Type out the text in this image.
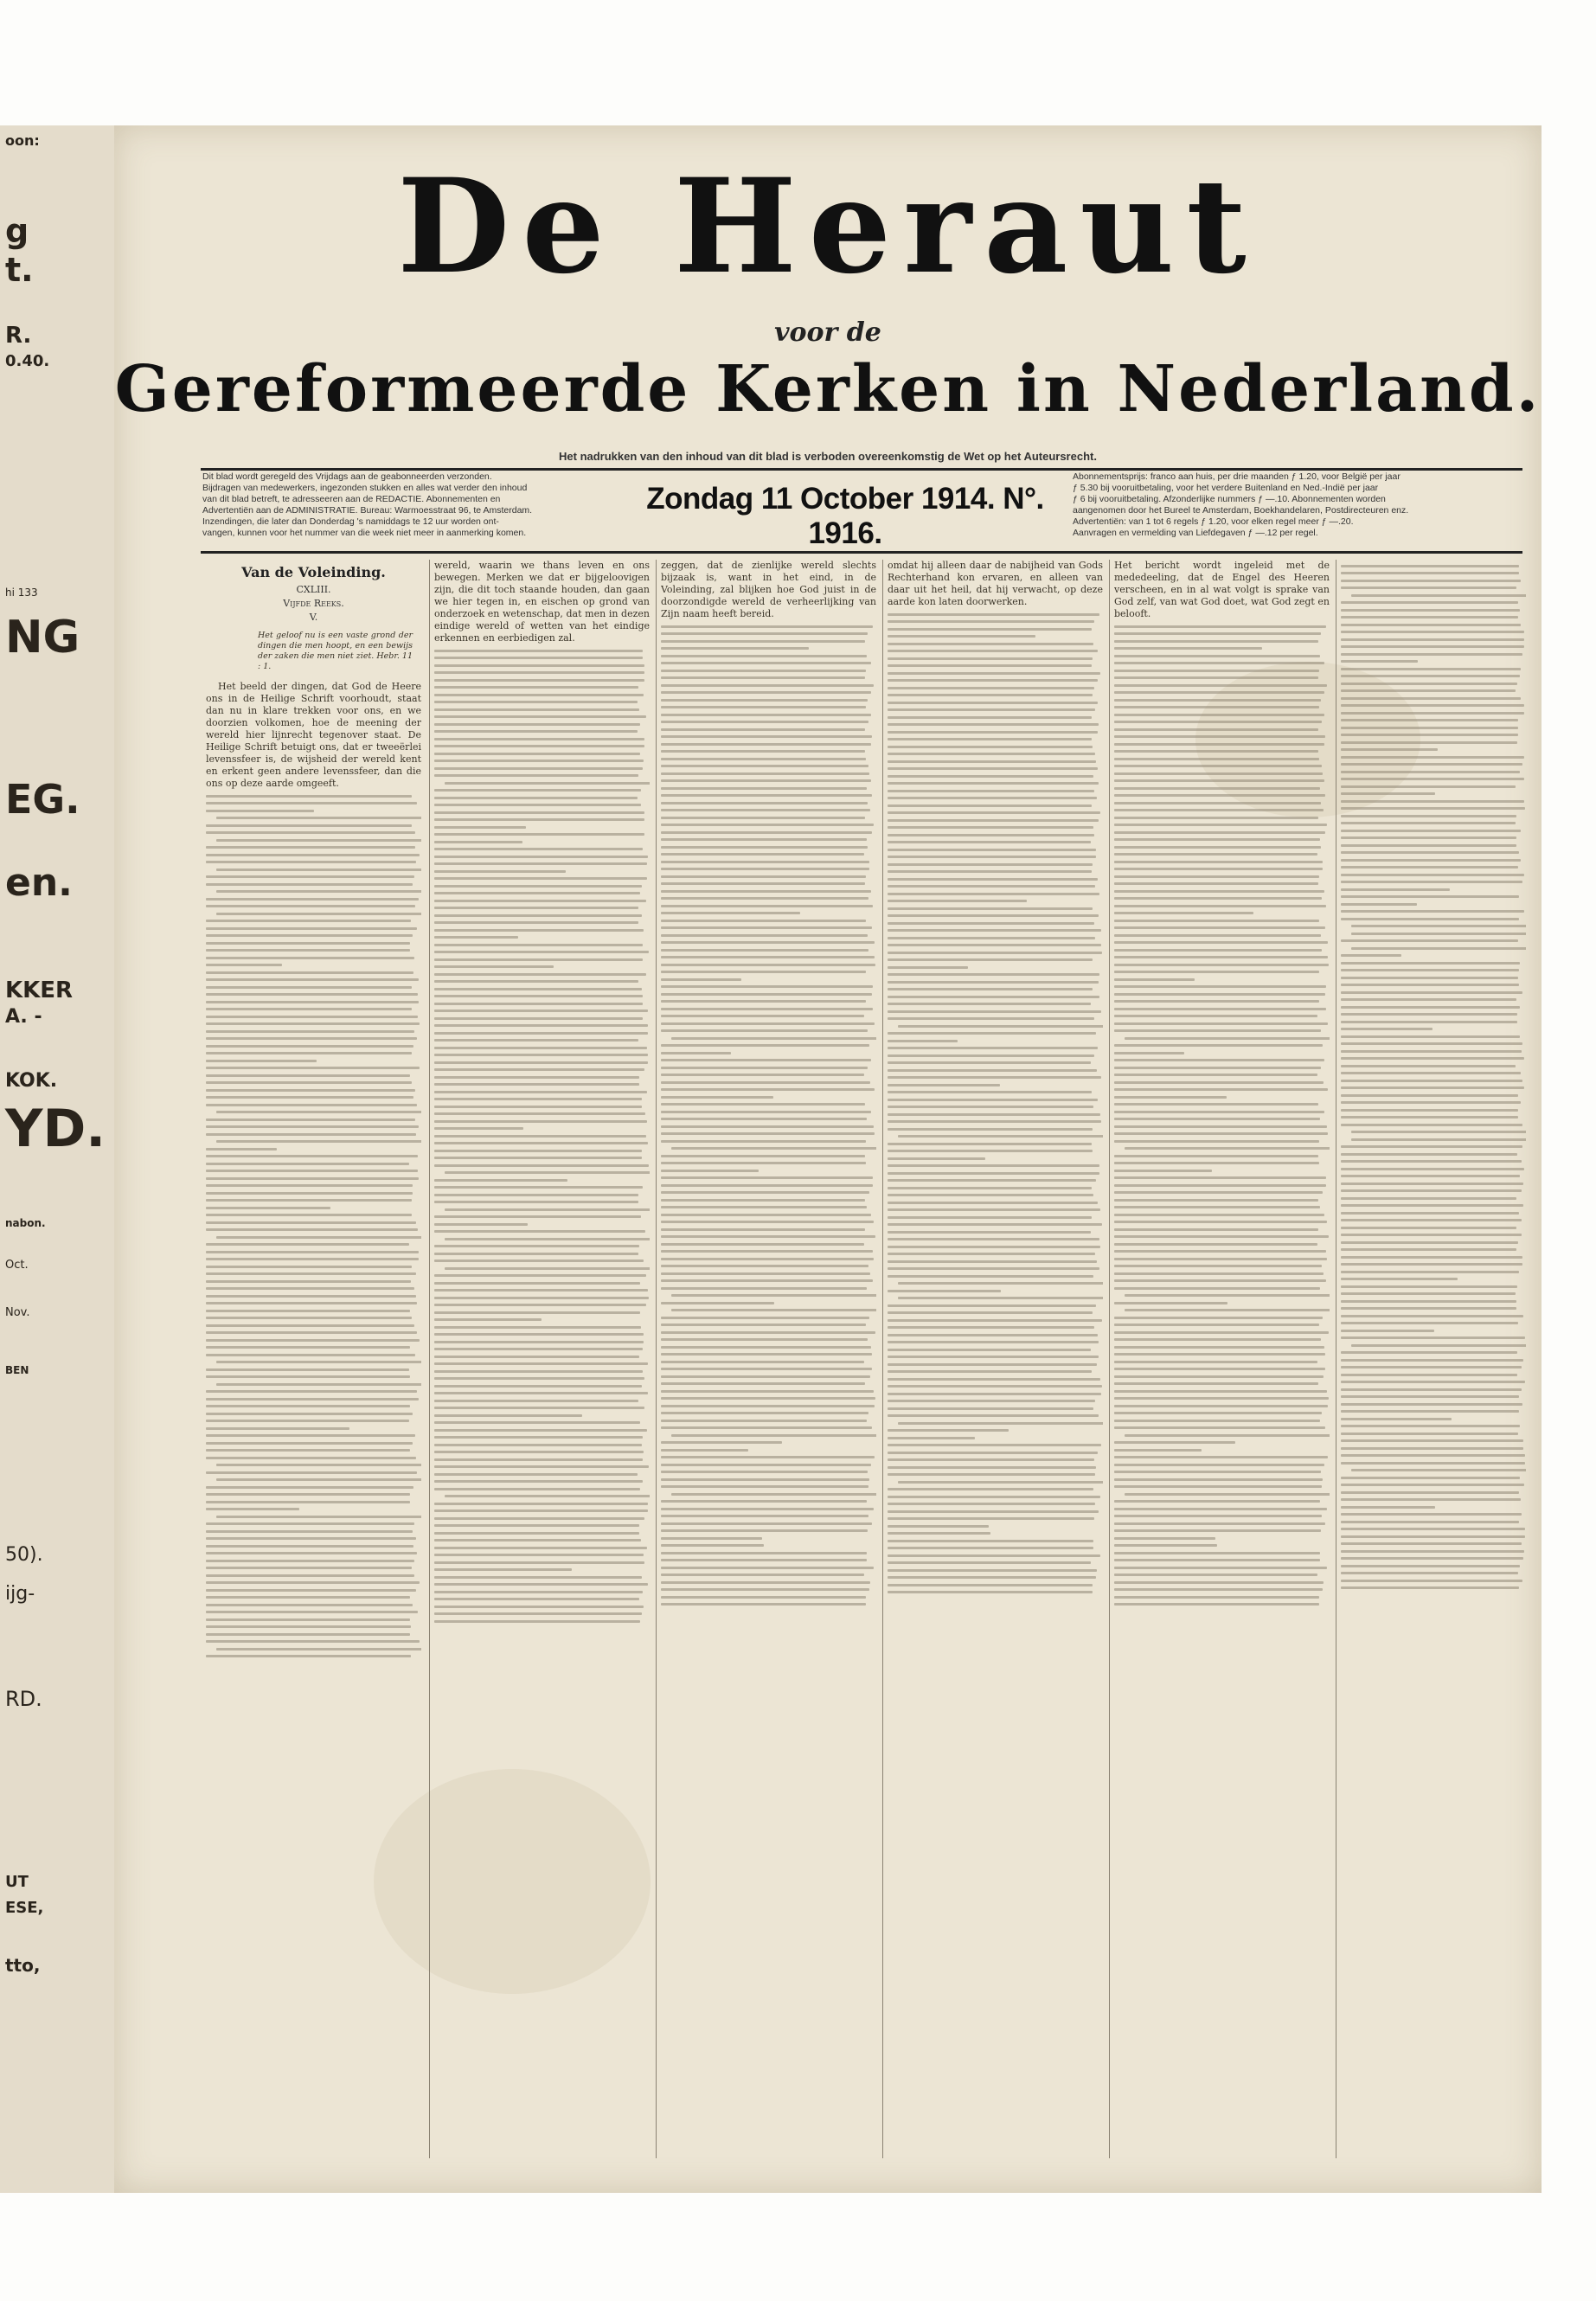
oon:
g
t.
R.
0.40.
hi 133
NG
EG.
en.
KKER
A. -
KOK.
YD.
nabon.
Oct.
Nov.
BEN
50).
ijg-
RD.
UT
ESE,
tto,
De Heraut
voor de
Gereformeerde Kerken in Nederland.
Het nadrukken van den inhoud van dit blad is verboden overeenkomstig de Wet op het Auteursrecht.
Dit blad wordt geregeld des Vrijdags aan de geabonneerden verzonden.
Bijdragen van medewerkers, ingezonden stukken en alles wat verder den inhoud
van dit blad betreft, te adresseeren aan de REDACTIE. Abonnementen en
Advertentiën aan de ADMINISTRATIE. Bureau: Warmoesstraat 96, te Amsterdam.
Inzendingen, die later dan Donderdag 's namiddags te 12 uur worden ont-
vangen, kunnen voor het nummer van die week niet meer in aanmerking komen.
Zondag 11 October 1914. N°. 1916.
Abonnementsprijs: franco aan huis, per drie maanden ƒ 1.20, voor België per jaar
ƒ 5.30 bij vooruitbetaling, voor het verdere Buitenland en Ned.-Indië per jaar
ƒ 6 bij vooruitbetaling. Afzonderlijke nummers ƒ —.10. Abonnementen worden
aangenomen door het Bureel te Amsterdam, Boekhandelaren, Postdirecteuren enz.
Advertentiën: van 1 tot 6 regels ƒ 1.20, voor elken regel meer ƒ —.20.
Aanvragen en vermelding van Liefdegaven ƒ —.12 per regel.
Van de Voleinding.
CXLIII.
Vijfde Reeks.
V.
Het geloof nu is een vaste grond der dingen die men hoopt, en een bewijs der zaken die men niet ziet. Hebr. 11 : 1.
Het beeld der dingen, dat God de Heere ons in de Heilige Schrift voorhoudt, staat dan nu in klare trekken voor ons, en we doorzien volkomen, hoe de meening der wereld hier lijnrecht tegenover staat. De Heilige Schrift betuigt ons, dat er tweeërlei levenssfeer is, de wijsheid der wereld kent en erkent geen andere levenssfeer, dan die ons op deze aarde omgeeft.
wereld, waarin we thans leven en ons bewegen. Merken we dat er bijgeloovigen zijn, die dit toch staande houden, dan gaan we hier tegen in, en eischen op grond van onderzoek en wetenschap, dat men in dezen eindige wereld of wetten van het eindige erkennen en eerbiedigen zal.
zeggen, dat de zienlijke wereld slechts bijzaak is, want in het eind, in de Voleinding, zal blijken hoe God juist in de doorzondigde wereld de verheerlijking van Zijn naam heeft bereid.
omdat hij alleen daar de nabijheid van Gods Rechterhand kon ervaren, en alleen van daar uit het heil, dat hij verwacht, op deze aarde kon laten doorwerken.
Het bericht wordt ingeleid met de mededeeling, dat de Engel des Heeren verscheen, en in al wat volgt is sprake van God zelf, van wat God doet, wat God zegt en belooft.
